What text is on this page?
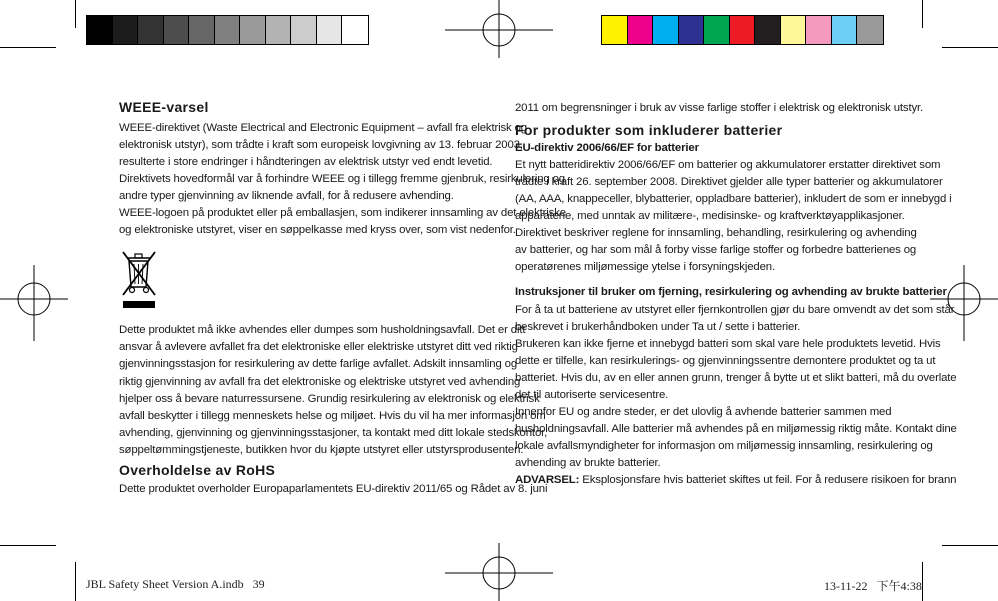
WEEE-varsel

WEEE-direktivet (Waste Electrical and Electronic Equipment – avfall fra elektrisk og

elektronisk utstyr), som trådte i kraft som europeisk lovgivning av 13. februar 2003,

resulterte i store endringer i håndteringen av elektrisk utstyr ved endt levetid.

Direktivets hovedformål var å forhindre WEEE og i tillegg fremme gjenbruk, resirkulering og

andre typer gjenvinning av liknende avfall, for å redusere avhending.

WEEE-logoen på produktet eller på emballasjen, som indikerer innsamling av det elektriske

og elektroniske utstyret, viser en søppelkasse med kryss over, som vist nedenfor.

Dette produktet må ikke avhendes eller dumpes som husholdningsavfall. Det er ditt

ansvar å avlevere avfallet fra det elektroniske eller elektriske utstyret ditt ved riktig

gjenvinningsstasjon for resirkulering av dette farlige avfallet. Adskilt innsamling og

riktig gjenvinning av avfall fra det elektroniske og elektriske utstyret ved avhending

hjelper oss å bevare naturressursene. Grundig resirkulering av elektronisk og elektrisk

avfall beskytter i tillegg menneskets helse og miljøet. Hvis du vil ha mer informasjon om

avhending, gjenvinning og gjenvinningsstasjoner, ta kontakt med ditt lokale stedskontor,

søppeltømmingstjeneste, butikken hvor du kjøpte utstyret eller utstyrsprodusenten.

Overholdelse av RoHS

Dette produktet overholder Europaparlamentets EU-direktiv 2011/65 og Rådet av 8. juni

2011 om begrensninger i bruk av visse farlige stoffer i elektrisk og elektronisk utstyr.

For produkter som inkluderer batterier

EU-direktiv 2006/66/EF for batterier

Et nytt batteridirektiv 2006/66/EF om batterier og akkumulatorer erstatter direktivet som

trådte i kraft 26. september 2008. Direktivet gjelder alle typer batterier og akkumulatorer

(AA, AAA, knappeceller, blybatterier, oppladbare batterier), inkludert de som er innebygd i

apparatene, med unntak av militære-, medisinske- og kraftverktøyapplikasjoner.

Direktivet beskriver reglene for innsamling, behandling, resirkulering og avhending

av batterier, og har som mål å forby visse farlige stoffer og forbedre batterienes og

operatørenes miljømessige ytelse i forsyningskjeden.

Instruksjoner til bruker om fjerning, resirkulering og avhending av brukte batterier

For å ta ut batteriene av utstyret eller fjernkontrollen gjør du bare omvendt av det som står

beskrevet i brukerhåndboken under Ta ut / sette i batterier.

Brukeren kan ikke fjerne et innebygd batteri som skal vare hele produktets levetid. Hvis

dette er tilfelle, kan resirkulerings- og gjenvinningssentre demontere produktet og ta ut

batteriet. Hvis du, av en eller annen grunn, trenger å bytte ut et slikt batteri, må du overlate

det til autoriserte servicesentre.

Innenfor EU og andre steder, er det ulovlig å avhende batterier sammen med

husholdningsavfall. Alle batterier må avhendes på en miljømessig riktig måte. Kontakt dine

lokale avfallsmyndigheter for informasjon om miljømessig innsamling, resirkulering og

avhending av brukte batterier.

ADVARSEL: Eksplosjonsfare hvis batteriet skiftes ut feil. For å redusere risikoen for brann

JBL Safety Sheet Version A.indb   39	13-11-22   下午4:38
